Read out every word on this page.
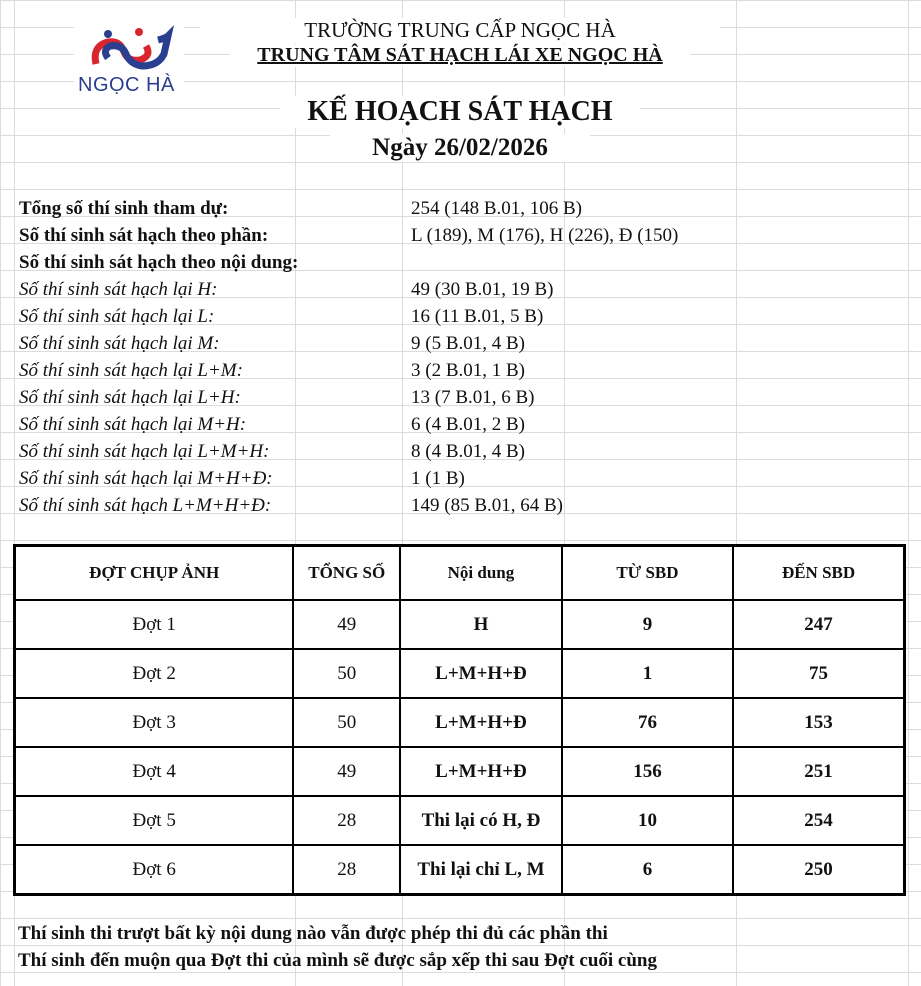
NGỌC HÀ
TRƯỜNG TRUNG CẤP NGỌC HÀ
TRUNG TÂM SÁT HẠCH LÁI XE NGỌC HÀ
KẾ HOẠCH SÁT HẠCH
Ngày 26/02/2026
Tổng số thí sinh tham dự:	254 (148 B.01, 106 B)
Số thí sinh sát hạch theo phần:	L (189), M (176), H (226), Đ (150)
Số thí sinh sát hạch theo nội dung:
Số thí sinh sát hạch lại H:	49 (30 B.01, 19 B)
Số thí sinh sát hạch lại L:	16 (11 B.01, 5 B)
Số thí sinh sát hạch lại M:	9 (5 B.01, 4 B)
Số thí sinh sát hạch lại L+M:	3 (2 B.01, 1 B)
Số thí sinh sát hạch lại L+H:	13 (7 B.01, 6 B)
Số thí sinh sát hạch lại M+H:	6 (4 B.01, 2 B)
Số thí sinh sát hạch lại L+M+H:	8 (4 B.01, 4 B)
Số thí sinh sát hạch lại M+H+Đ:	1 (1 B)
Số thí sinh sát hạch L+M+H+Đ:	149 (85 B.01, 64 B)
ĐỢT CHỤP ẢNH	TỔNG SỐ	Nội dung	TỪ SBD	ĐẾN SBD
Đợt 1	49	H	9	247
Đợt 2	50	L+M+H+Đ	1	75
Đợt 3	50	L+M+H+Đ	76	153
Đợt 4	49	L+M+H+Đ	156	251
Đợt 5	28	Thi lại có H, Đ	10	254
Đợt 6	28	Thi lại chỉ L, M	6	250
Thí sinh thi trượt bất kỳ nội dung nào vẫn được phép thi đủ các phần thi
Thí sinh đến muộn qua Đợt thi của mình sẽ được sắp xếp thi sau Đợt cuối cùng
